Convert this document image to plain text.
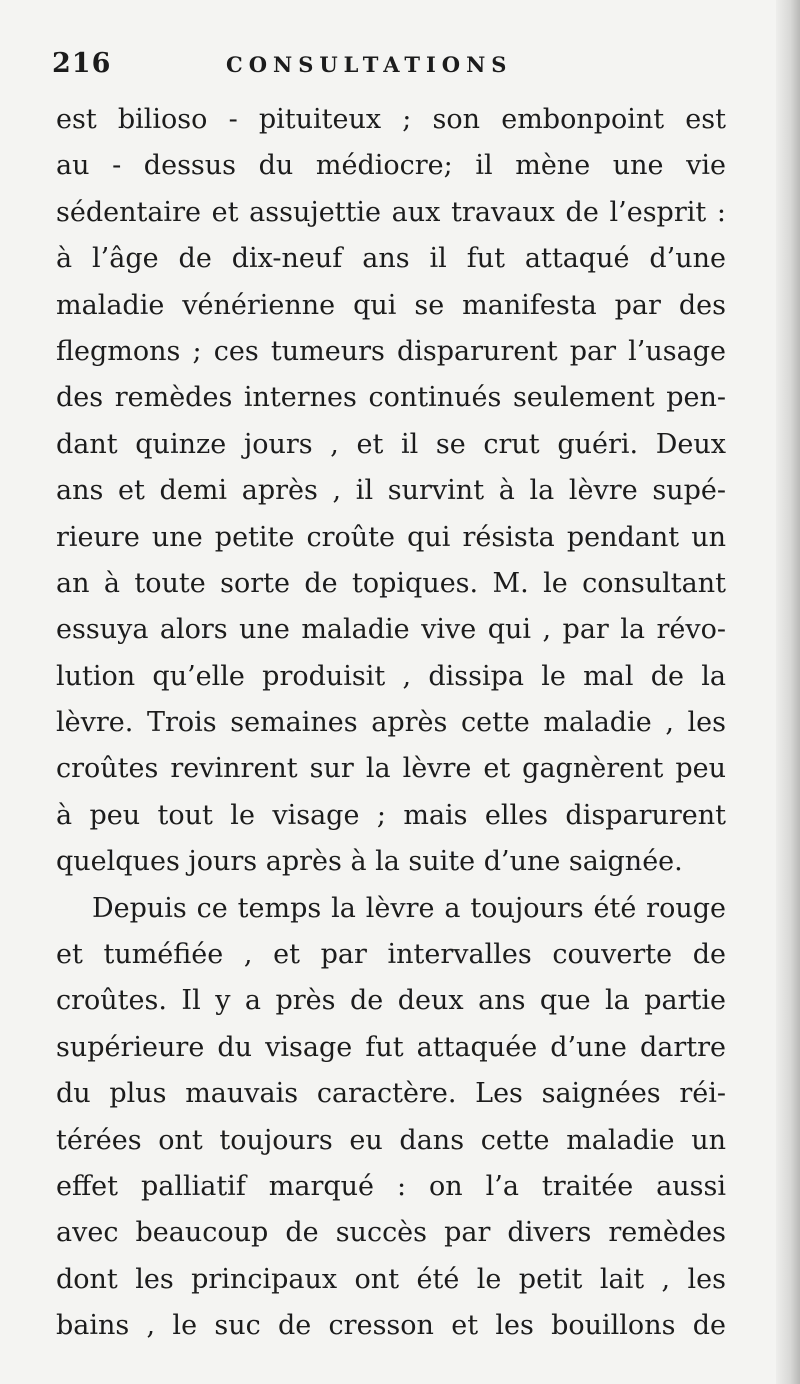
216	CONSULTATIONS
est bilioso - pituiteux ; son embonpoint est
au - dessus du médiocre; il mène une vie
sédentaire et assujettie aux travaux de l’esprit :
à l’âge de dix-neuf ans il fut attaqué d’une
maladie vénérienne qui se manifesta par des
flegmons ; ces tumeurs disparurent par l’usage
des remèdes internes continués seulement pen-
dant quinze jours , et il se crut guéri. Deux
ans et demi après , il survint à la lèvre supé-
rieure une petite croûte qui résista pendant un
an à toute sorte de topiques. M. le consultant
essuya alors une maladie vive qui , par la révo-
lution qu’elle produisit , dissipa le mal de la
lèvre. Trois semaines après cette maladie , les
croûtes revinrent sur la lèvre et gagnèrent peu
à peu tout le visage ; mais elles disparurent
quelques jours après à la suite d’une saignée.
Depuis ce temps la lèvre a toujours été rouge
et tuméfiée , et par intervalles couverte de
croûtes. Il y a près de deux ans que la partie
supérieure du visage fut attaquée d’une dartre
du plus mauvais caractère. Les saignées réi-
térées ont toujours eu dans cette maladie un
effet palliatif marqué : on l’a traitée aussi
avec beaucoup de succès par divers remèdes
dont les principaux ont été le petit lait , les
bains , le suc de cresson et les bouillons de
